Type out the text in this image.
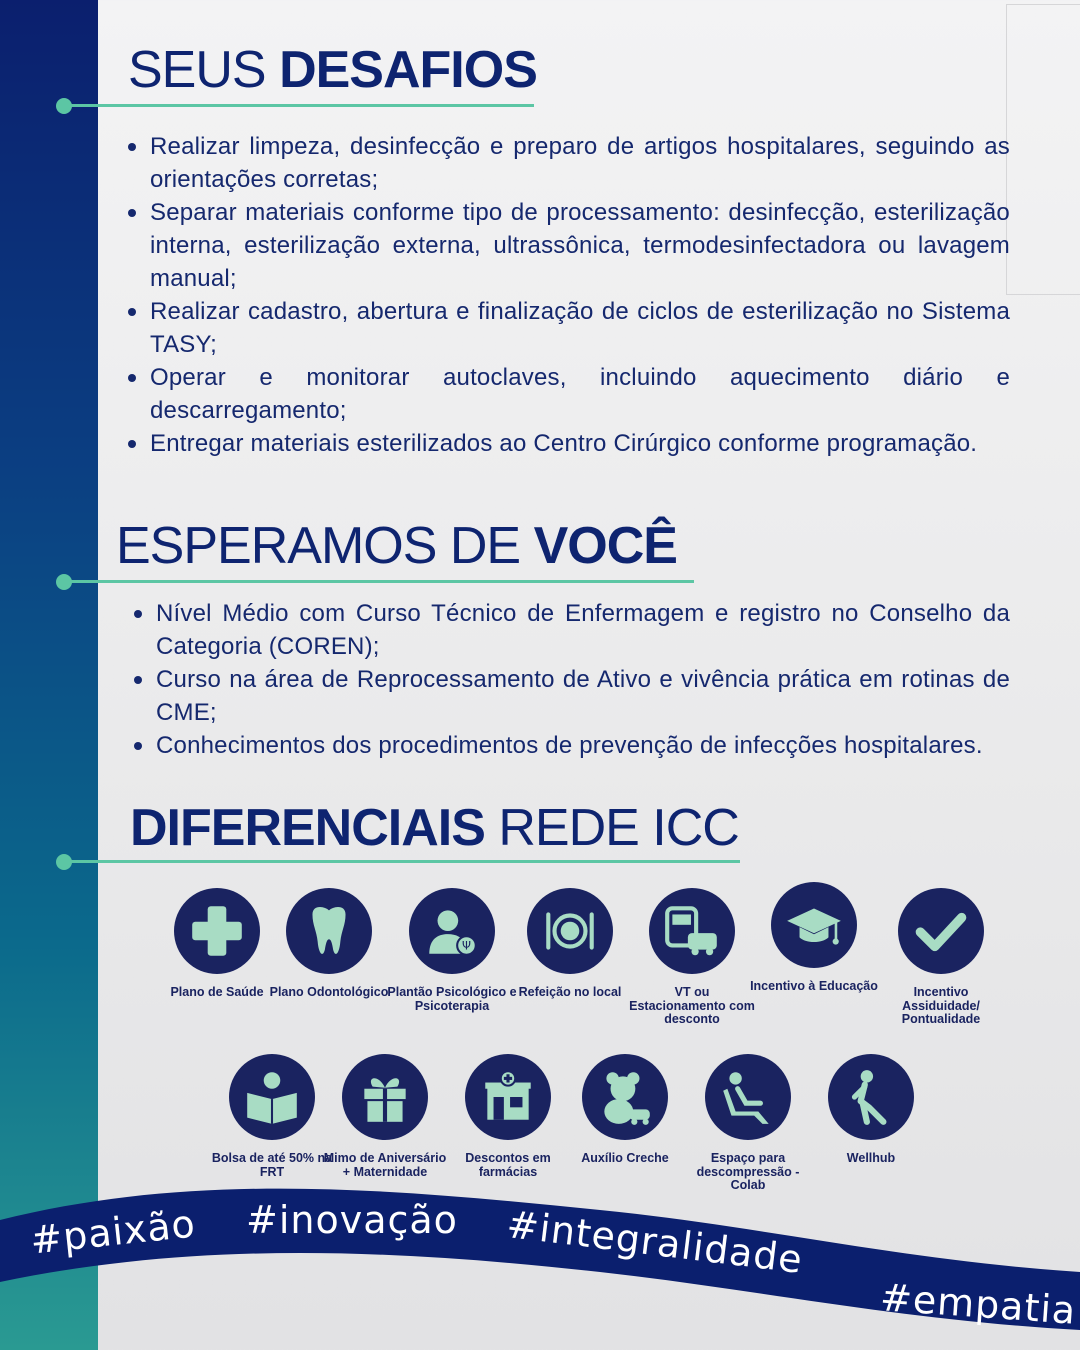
SEUS DESAFIOS
Realizar limpeza, desinfecção e preparo de artigos hospitalares, seguindo as orientações corretas;
Separar materiais conforme tipo de processamento: desinfecção, esterilização interna, esterilização externa, ultrassônica, termodesinfectadora ou lavagem manual;
Realizar cadastro, abertura e finalização de ciclos de esterilização no Sistema TASY;
Operar e monitorar autoclaves, incluindo aquecimento diário e descarregamento;
Entregar materiais esterilizados ao Centro Cirúrgico conforme programação.
ESPERAMOS DE VOCÊ
Nível Médio com Curso Técnico de Enfermagem e registro no Conselho da Categoria (COREN);
Curso na área de Reprocessamento de Ativo e vivência prática em rotinas de CME;
Conhecimentos dos procedimentos de prevenção de infecções hospitalares.
DIFERENCIAIS REDE ICC
Plano de Saúde Plano Odontológico
Ψ
Plantão Psicológico e Psicoterapia
Refeição no local	VT ou Estacionamento com desconto
Incentivo à Educação	Incentivo Assiduidade/ Pontualidade
Bolsa de até 50% na FRT
Mimo de Aniversário + Maternidade
Descontos em farmácias
Auxílio Creche	Espaço para descompressão - Colab
Wellhub
#paixão #inovação #integralidade
#empatia
